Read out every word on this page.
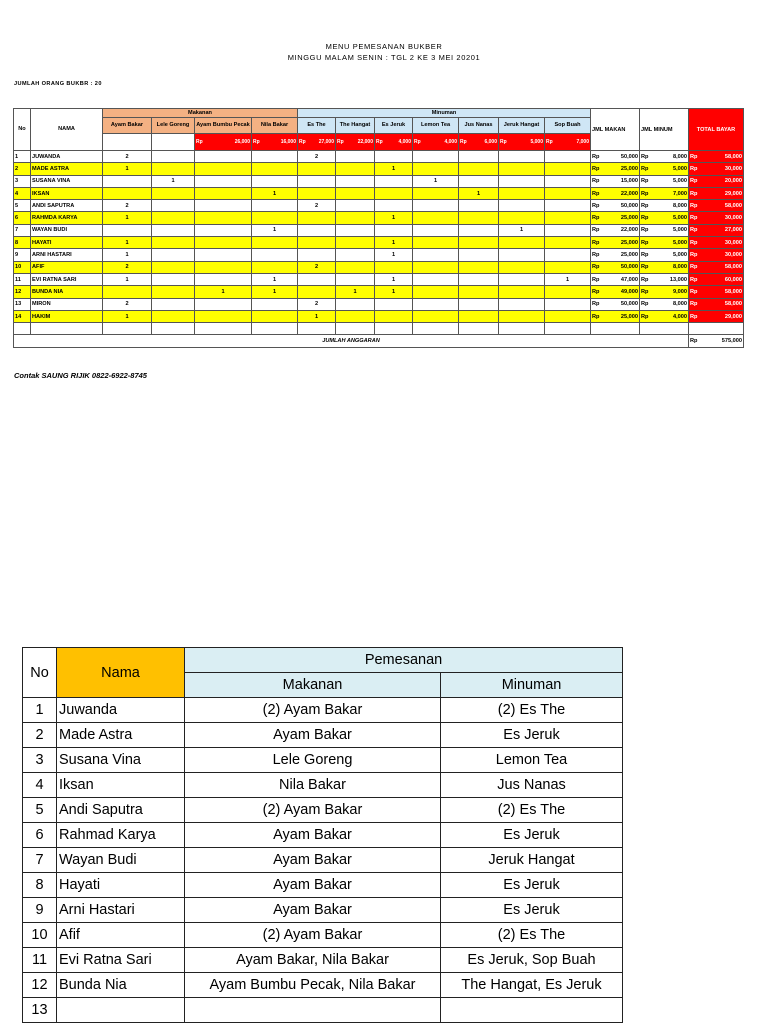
MENU PEMESANAN BUKBER
MINGGU MALAM SENIN : TGL 2 KE 3 MEI 20201
JUMLAH ORANG BUKBR : 20
No	NAMA	Makanan				Minuman							JML MAKAN	JML MINUM	TOTAL BAYAR	
		Ayam Bakar	Lele Goreng	Ayam Bumbu Pecak	Nila Bakar	Es The	The Hangat	Es Jeruk	Lemon Tea	Jus Nanas	Jeruk Hangat	Sop Buah				

				Rp 26,000	Rp 16,000	Rp 27,000	Rp 22,000	Rp 4,000	Rp 4,000	Rp 6,000	Rp 5,000	Rp 7,000

1	JUWANDA	2				2							Rp 50,000	Rp 8,000	Rp 58,000	

2	MADE ASTRA	1						1					Rp 25,000	Rp 5,000	Rp 30,000	

3	SUSANA VINA		1						1				Rp 15,000	Rp 5,000	Rp 20,000	

4	IKSAN				1					1			Rp 22,000	Rp 7,000	Rp 29,000	

5	ANDI SAPUTRA	2				2							Rp 50,000	Rp 8,000	Rp 58,000	

6	RAHMDA KARYA	1						1					Rp 25,000	Rp 5,000	Rp 30,000	

7	WAYAN BUDI				1						1		Rp 22,000	Rp 5,000	Rp 27,000	

8	HAYATI	1						1					Rp 25,000	Rp 5,000	Rp 30,000	

9	ARNI HASTARI	1						1					Rp 25,000	Rp 5,000	Rp 30,000	

10	AFIF	2				2							Rp 50,000	Rp 8,000	Rp 58,000	

11	EVI RATNA SARI	1			1			1				1	Rp 47,000	Rp 13,000	Rp 60,000	

12	BUNDA NIA			1	1		1	1					Rp 49,000	Rp 9,000	Rp 58,000	

13	MIRON	2				2							Rp 50,000	Rp 8,000	Rp 58,000	

14	HAKIM	1				1							Rp 25,000	Rp 4,000	Rp 29,000	

JUMLAH ANGGARAN															Rp 575,000	
Contak SAUNG RIJIK 0822-6922-8745
No	Nama	Pemesanan	
		Makanan	Minuman
1	Juwanda	(2) Ayam Bakar	(2) Es The
2	Made Astra	Ayam Bakar	Es Jeruk
3	Susana Vina	Lele Goreng	Lemon Tea
4	Iksan	Nila Bakar	Jus Nanas
5	Andi Saputra	(2) Ayam Bakar	(2) Es The
6	Rahmad Karya	Ayam Bakar	Es Jeruk
7	Wayan Budi	Ayam Bakar	Jeruk Hangat
8	Hayati	Ayam Bakar	Es Jeruk
9	Arni Hastari	Ayam Bakar	Es Jeruk
10	Afif	(2) Ayam Bakar	(2) Es The
11	Evi Ratna Sari	Ayam Bakar, Nila Bakar	Es Jeruk, Sop Buah
12	Bunda Nia	Ayam Bumbu Pecak, Nila Bakar	The Hangat, Es Jeruk
13			
